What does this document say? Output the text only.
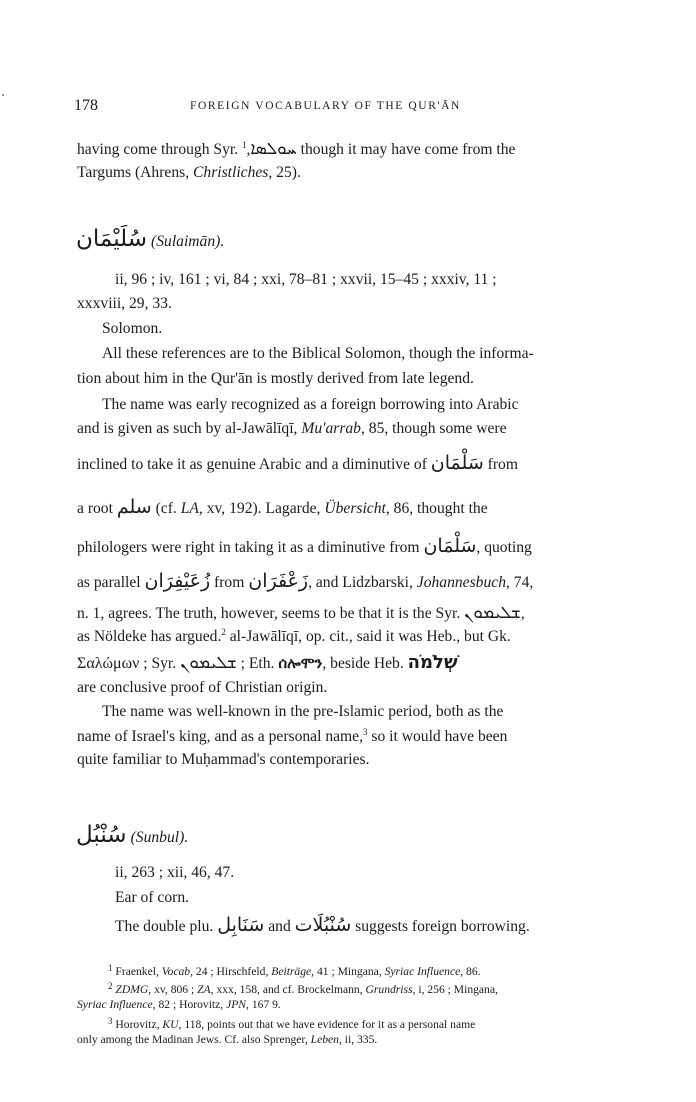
178	FOREIGN VOCABULARY OF THE QUR'ĀN
having come through Syr. ܚܘܠܣܐ,$^1$	though it may have come from the
Targums (Ahrens, Christliches, 25).
سُلَيْمَان (Sulaimān).
ii, 96 ; iv, 161 ; vi, 84 ; xxi, 78–81 ; xxvii, 15–45 ; xxxiv, 11 ;
xxxviii, 29, 33.
Solomon.
All these references are to the Biblical Solomon, though the informa-
tion about him in the Qur'ān is mostly derived from late legend.
The name was early recognized as a foreign borrowing into Arabic
and is given as such by al-Jawālīqī, Mu'arrab, 85, though some were
inclined to take it as genuine Arabic and a diminutive of سَلْمَان from
a root سلم (cf. LA, xv, 192). Lagarde, Übersicht, 86, thought the
philologers were right in taking it as a diminutive from سَلْمَان, quoting
as parallel زُعَيْفِرَان from زَعْفَرَان, and Lidzbarski, Johannesbuch, 74,
n. 1, agrees. The truth, however, seems to be that it is the Syr. ܫܠܝܡܘܢ,
as Nöldeke has argued.$^2$ al-Jawālīqī, op. cit., said it was Heb., but Gk.
Σαλώμων ; Syr. ܫܠܝܡܘܢ ; Eth. ሰሎሞን, beside Heb. שְׁלֹמֹה
are conclusive proof of Christian origin.
The name was well-known in the pre-Islamic period, both as the
name of Israel's king, and as a personal name,$^3$ so it would have been
quite familiar to Muḥammad's contemporaries.
سُنْبُل (Sunbul).
ii, 263 ; xii, 46, 47.
Ear of corn.
The double plu. سَنَابِل and سُنْبُلَات suggests foreign borrowing.
$^1$ Fraenkel, Vocab, 24 ; Hirschfeld, Beiträge, 41 ; Mingana, Syriac Influence, 86.
$^2$ ZDMG, xv, 806 ; ZA, xxx, 158, and cf. Brockelmann, Grundriss, i, 256 ; Mingana,
Syriac Influence, 82 ; Horovitz, JPN, 167 9.
$^3$ Horovitz, KU, 118, points out that we have evidence for it as a personal name
only among the Madinan Jews. Cf. also Sprenger, Leben, ii, 335.
